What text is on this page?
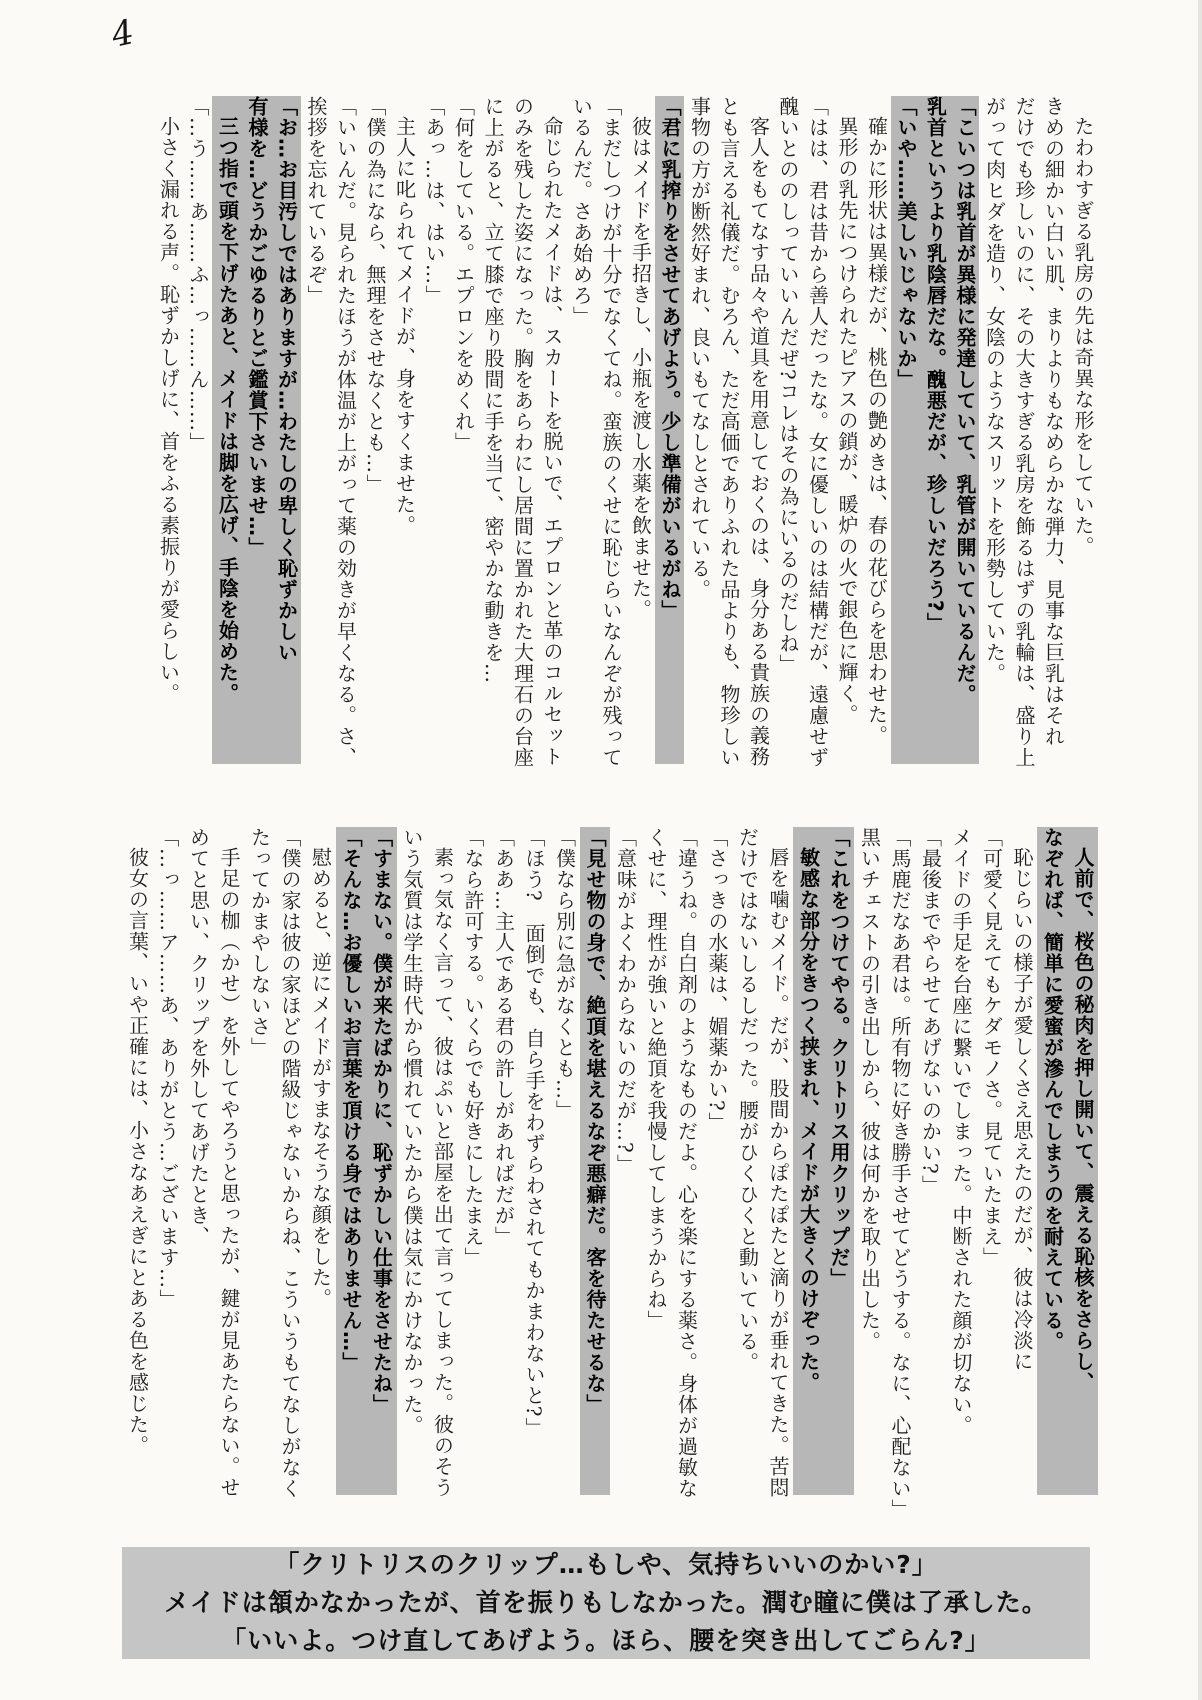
4

たわわすぎる乳房の先は奇異な形をしていた。

きめの細かい白い肌、まりよりもなめらかな弾力、見事な巨乳はそれ

だけでも珍しいのに、その大きすぎる乳房を飾るはずの乳輪は、盛り上

がって肉ヒダを造り、女陰のようなスリットを形勢していた。

「こいつは乳首が異様に発達していて、乳管が開いているんだ。

乳首というより乳陰唇だな。醜悪だが、珍しいだろう?」

「いや……美しいじゃないか」

確かに形状は異様だが、桃色の艶めきは、春の花びらを思わせた。

異形の乳先につけられたピアスの鎖が、暖炉の火で銀色に輝く。

「はは、君は昔から善人だったな。女に優しいのは結構だが、遠慮せず

醜いとののしっていいんだぜ?コレはその為にいるのだしね」

客人をもてなす品々や道具を用意しておくのは、身分ある貴族の義務

とも言える礼儀だ。むろん、ただ高価でありふれた品よりも、物珍しい

事物の方が断然好まれ、良いもてなしとされている。

「君に乳搾りをさせてあげよう。少し準備がいるがね」

彼はメイドを手招きし、小瓶を渡し水薬を飲ませた。

「まだしつけが十分でなくてね。蛮族のくせに恥じらいなんぞが残って

いるんだ。さあ始めろ」

命じられたメイドは、スカートを脱いで、エプロンと革のコルセット

のみを残した姿になった。胸をあらわにし居間に置かれた大理石の台座

に上がると、立て膝で座り股間に手を当て、密やかな動きを…

「何をしている。エプロンをめくれ」

「あっ…は、はい…」

主人に叱られてメイドが、身をすくませた。

「僕の為になら、無理をさせなくとも…」

「いいんだ。見られたほうが体温が上がって薬の効きが早くなる。さ、

挨拶を忘れているぞ」

「お…お目汚しではありますが…わたしの卑しく恥ずかしい

有様を…どうかごゆるりとご鑑賞下さいませ…」

三つ指で頭を下げたあと、メイドは脚を広げ、手陰を始めた。

「…う……あ……ふ…っ……ん……」

小さく漏れる声。恥ずかしげに、首をふる素振りが愛らしい。

人前で、桜色の秘肉を押し開いて、震える恥核をさらし、

なぞれば、簡単に愛蜜が滲んでしまうのを耐えている。

恥じらいの様子が愛しくさえ思えたのだが、彼は冷淡に

「可愛く見えてもケダモノさ。見ていたまえ」

メイドの手足を台座に繋いでしまった。中断された顔が切ない。

「最後までやらせてあげないのかい?」

「馬鹿だなあ君は。所有物に好き勝手させてどうする。なに、心配ない」

黒いチェストの引き出しから、彼は何かを取り出した。

「これをつけてやる。クリトリス用クリップだ」

敏感な部分をきつく挟まれ、メイドが大きくのけぞった。

唇を噛むメイド。だが、股間からぽたぽたと滴りが垂れてきた。苦悶

だけではないしるしだった。腰がひくひくと動いている。

「さっきの水薬は、媚薬かい?」

「違うね。自白剤のようなものだよ。心を楽にする薬さ。身体が過敏な

くせに、理性が強いと絶頂を我慢してしまうからね」

「意味がよくわからないのだが…?」

「見せ物の身で、絶頂を堪えるなぞ悪癖だ。客を待たせるな」

「僕なら別に急がなくとも…」

「ほう?　面倒でも、自ら手をわずらわされてもかまわないと?」

「ああ…主人である君の許しがあればだが」

「なら許可する。いくらでも好きにしたまえ」

素っ気なく言って、彼はぷいと部屋を出て言ってしまった。彼のそう

いう気質は学生時代から慣れていたから僕は気にかけなかった。

「すまない。僕が来たばかりに、恥ずかしい仕事をさせたね」

「そんな…お優しいお言葉を頂ける身ではありません…」

慰めると、逆にメイドがすまなそうな顔をした。

「僕の家は彼の家ほどの階級じゃないからね、こういうもてなしがなく

たってかまやしないさ」

手足の枷（かせ）を外してやろうと思ったが、鍵が見あたらない。せ

めてと思い、クリップを外してあげたとき、

「…っ……ア……あ、ありがとう…ございます…」

彼女の言葉、いや正確には、小さなあえぎにとある色を感じた。

「クリトリスのクリップ…もしや、気持ちいいのかい?」

メイドは頷かなかったが、首を振りもしなかった。潤む瞳に僕は了承した。

「いいよ。つけ直してあげよう。ほら、腰を突き出してごらん?」
